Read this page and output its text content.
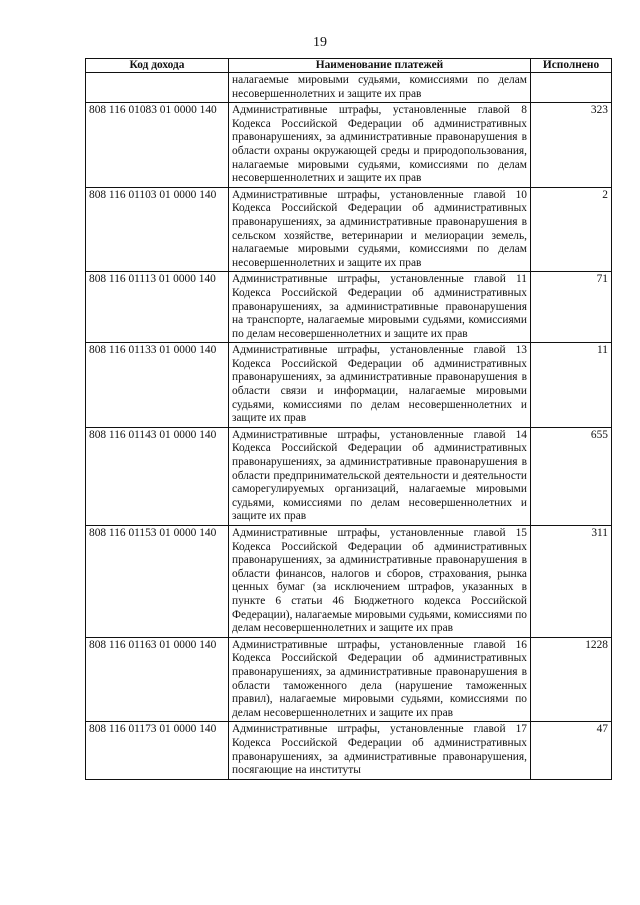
19
Код дохода	Наименование платежей	Исполнено
	налагаемые мировыми судьями, комиссиями по делам несовершеннолетних и защите их прав	
808 116 01083 01 0000 140	Административные штрафы, установленные главой 8 Кодекса Российской Федерации об административных правонарушениях, за административные правонарушения в области охраны окружающей среды и природопользования, налагаемые мировыми судьями, комиссиями по делам несовершеннолетних и защите их прав	323
808 116 01103 01 0000 140	Административные штрафы, установленные главой 10 Кодекса Российской Федерации об административных правонарушениях, за административные правонарушения в сельском хозяйстве, ветеринарии и мелиорации земель, налагаемые мировыми судьями, комиссиями по делам несовершеннолетних и защите их прав	2
808 116 01113 01 0000 140	Административные штрафы, установленные главой 11 Кодекса Российской Федерации об административных правонарушениях, за административные правонарушения на транспорте, налагаемые мировыми судьями, комиссиями по делам несовершеннолетних и защите их прав	71
808 116 01133 01 0000 140	Административные штрафы, установленные главой 13 Кодекса Российской Федерации об административных правонарушениях, за административные правонарушения в области связи и информации, налагаемые мировыми судьями, комиссиями по делам несовершеннолетних и защите их прав	11
808 116 01143 01 0000 140	Административные штрафы, установленные главой 14 Кодекса Российской Федерации об административных правонарушениях, за административные правонарушения в области предпринимательской деятельности и деятельности саморегулируемых организаций, налагаемые мировыми судьями, комиссиями по делам несовершеннолетних и защите их прав	655
808 116 01153 01 0000 140	Административные штрафы, установленные главой 15 Кодекса Российской Федерации об административных правонарушениях, за административные правонарушения в области финансов, налогов и сборов, страхования, рынка ценных бумаг (за исключением штрафов, указанных в пункте 6 статьи 46 Бюджетного кодекса Российской Федерации), налагаемые мировыми судьями, комиссиями по делам несовершеннолетних и защите их прав	311
808 116 01163 01 0000 140	Административные штрафы, установленные главой 16 Кодекса Российской Федерации об административных правонарушениях, за административные правонарушения в области таможенного дела (нарушение таможенных правил), налагаемые мировыми судьями, комиссиями по делам несовершеннолетних и защите их прав	1228
808 116 01173 01 0000 140	Административные штрафы, установленные главой 17 Кодекса Российской Федерации об административных правонарушениях, за административные правонарушения, посягающие на институты	47
